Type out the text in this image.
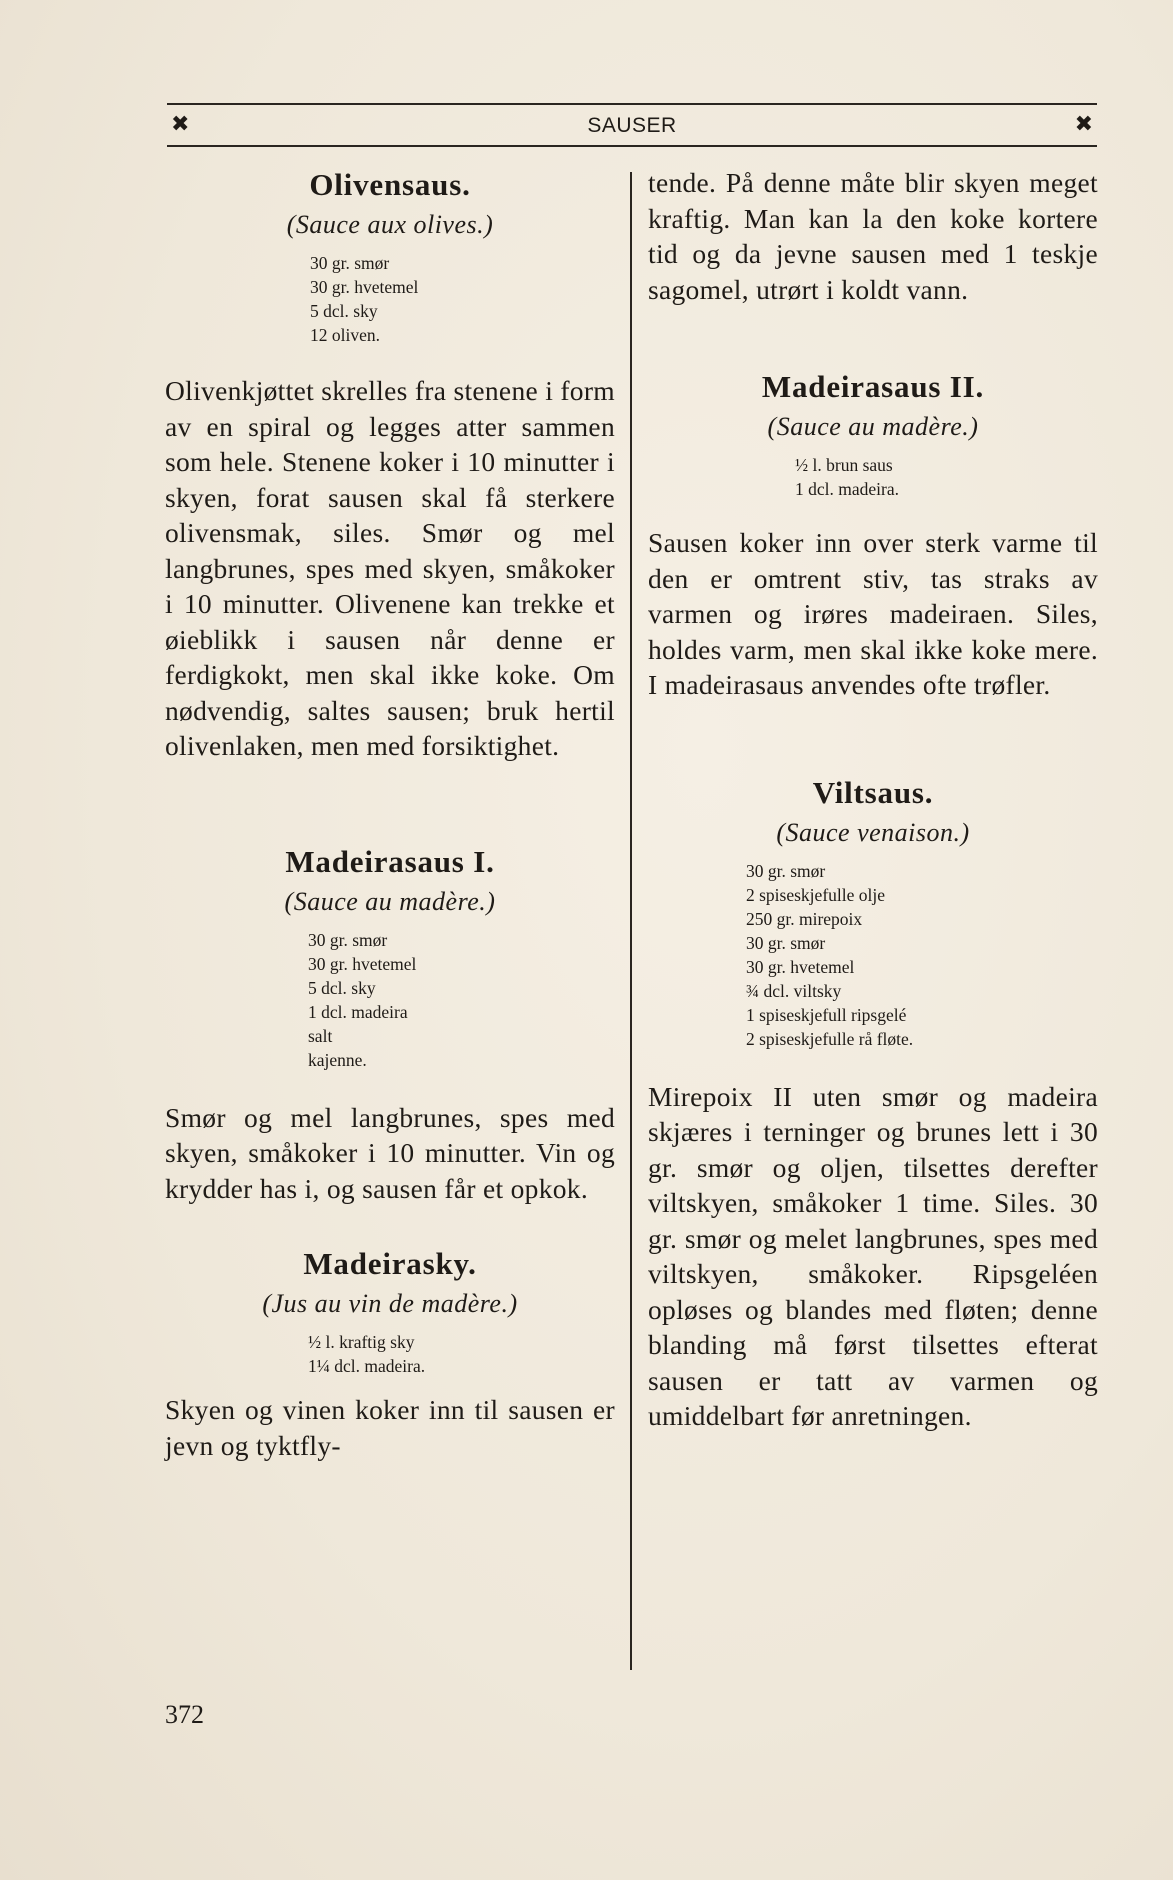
✖	SAUSER	✖
Olivensaus.

(Sauce aux olives.)

30 gr. smør
30 gr. hvetemel
5 dcl. sky
12 oliven.

Olivenkjøttet skrelles fra stenene i form av en spiral og legges atter sammen som hele. Stenene koker i 10 minutter i skyen, forat sausen skal få sterkere olivensmak, siles. Smør og mel langbrunes, spes med skyen, småkoker i 10 minutter. Olivenene kan trekke et øieblikk i sausen når denne er ferdigkokt, men skal ikke koke. Om nødvendig, saltes sausen; bruk hertil olivenlaken, men med forsiktighet.

Madeirasaus I.

(Sauce au madère.)

30 gr. smør
30 gr. hvetemel
5 dcl. sky
1 dcl. madeira
salt
kajenne.

Smør og mel langbrunes, spes med skyen, småkoker i 10 minutter. Vin og krydder has i, og sausen får et opkok.

Madeirasky.

(Jus au vin de madère.)

½ l. kraftig sky
1¼ dcl. madeira.

Skyen og vinen koker inn til sausen er jevn og tyktfly-

tende. På denne måte blir skyen meget kraftig. Man kan la den koke kortere tid og da jevne sausen med 1 teskje sagomel, utrørt i koldt vann.

Madeirasaus II.

(Sauce au madère.)

½ l. brun saus
1 dcl. madeira.

Sausen koker inn over sterk varme til den er omtrent stiv, tas straks av varmen og irøres madeiraen. Siles, holdes varm, men skal ikke koke mere. I madeirasaus anvendes ofte trøfler.

Viltsaus.

(Sauce venaison.)

30 gr. smør
2 spiseskjefulle olje
250 gr. mirepoix
30 gr. smør
30 gr. hvetemel
¾ dcl. viltsky
1 spiseskjefull ripsgelé
2 spiseskjefulle rå fløte.

Mirepoix II uten smør og madeira skjæres i terninger og brunes lett i 30 gr. smør og oljen, tilsettes derefter viltskyen, småkoker 1 time. Siles. 30 gr. smør og melet langbrunes, spes med viltskyen, småkoker. Ripsgeléen opløses og blandes med fløten; denne blanding må først tilsettes efterat sausen er tatt av varmen og umiddelbart før anretningen.

372
